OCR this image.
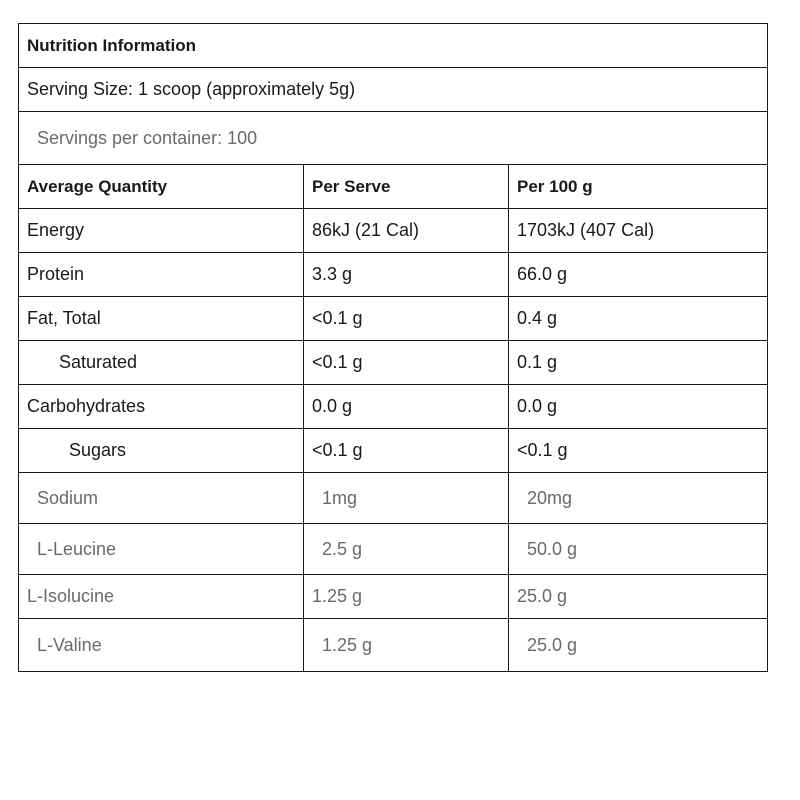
Nutrition Information		
Serving Size: 1 scoop (approximately 5g)		
Servings per container: 100		
Average Quantity	Per Serve	Per 100 g
Energy	86kJ (21 Cal)	1703kJ (407 Cal)
Protein	3.3 g	66.0 g
Fat, Total	<0.1 g	0.4 g
Saturated	<0.1 g	0.1 g
Carbohydrates	0.0 g	0.0 g
Sugars	<0.1 g	<0.1 g
Sodium	1mg	20mg
L-Leucine	2.5 g	50.0 g
L-Isolucine	1.25 g	25.0 g
L-Valine	1.25 g	25.0 g
